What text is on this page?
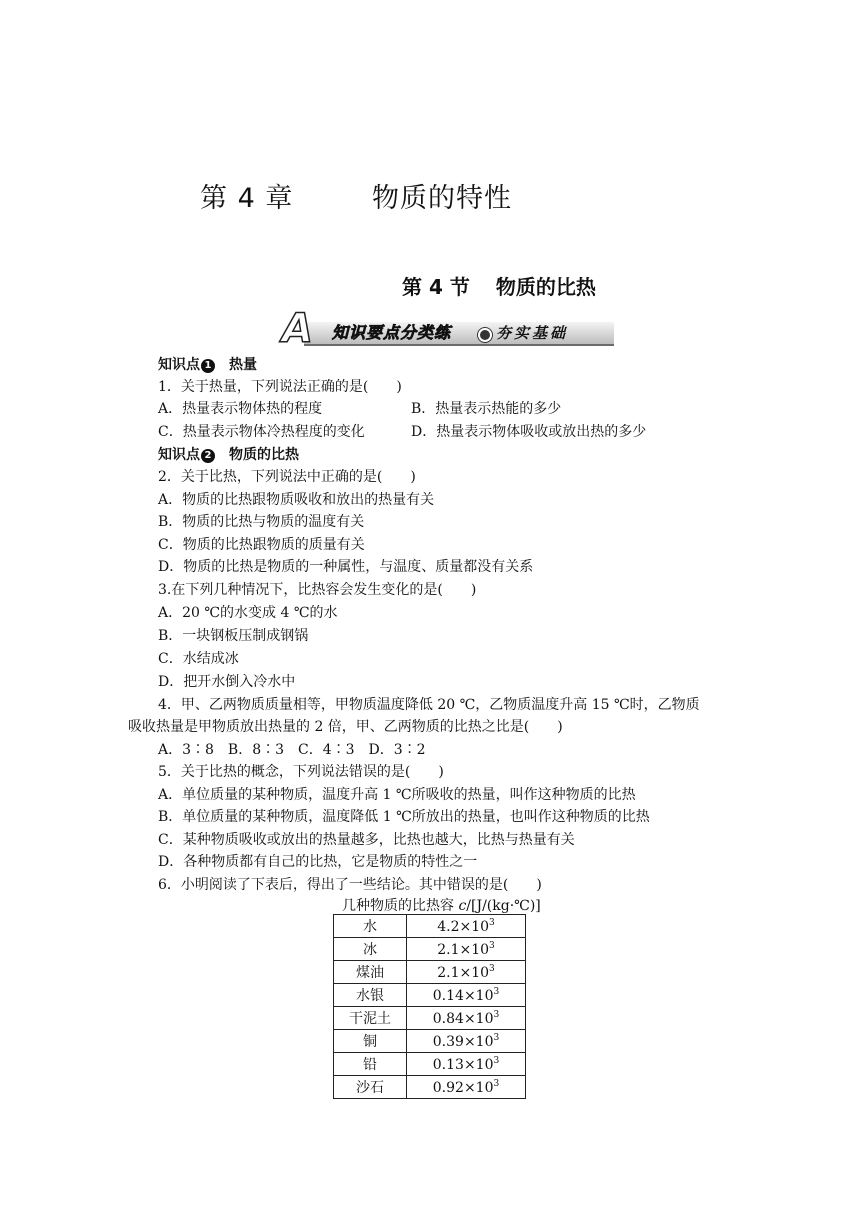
第 4 章	物质的特性
第 4 节 物质的比热
A 知识要点分类练	夯实基础
知识点 1 热量
1．关于热量，下列说法正确的是(　　)
A．热量表示物体热的程度	B．热量表示热能的多少
C．热量表示物体冷热程度的变化	D．热量表示物体吸收或放出热的多少
知识点 2 物质的比热
2．关于比热，下列说法中正确的是(　　)
A．物质的比热跟物质吸收和放出的热量有关
B．物质的比热与物质的温度有关
C．物质的比热跟物质的质量有关
D．物质的比热是物质的一种属性，与温度、质量都没有关系
3.在下列几种情况下，比热容会发生变化的是(　　)
A．20 ℃的水变成 4 ℃的水
B．一块钢板压制成钢锅
C．水结成冰
D．把开水倒入冷水中
4．甲、乙两物质质量相等，甲物质温度降低 20 ℃，乙物质温度升高 15 ℃时，乙物质
吸收热量是甲物质放出热量的 2 倍，甲、乙两物质的比热之比是(　　)
A．3∶8　B．8∶3　C．4∶3　D．3∶2
5．关于比热的概念，下列说法错误的是(　　)
A．单位质量的某种物质，温度升高 1 ℃所吸收的热量，叫作这种物质的比热
B．单位质量的某种物质，温度降低 1 ℃所放出的热量，也叫作这种物质的比热
C．某种物质吸收或放出的热量越多，比热也越大，比热与热量有关
D．各种物质都有自己的比热，它是物质的特性之一
6．小明阅读了下表后，得出了一些结论。其中错误的是(　　)
几种物质的比热容 c/[J/(kg·℃)]
水	$4.2\times 10^3$
冰	$2.1\times 10^3$
煤油	$2.1\times 10^3$
水银	$0.14\times 10^3$
干泥土	$0.84\times 10^3$
铜	$0.39\times 10^3$
铅	$0.13\times 10^3$
沙石	$0.92\times 10^3$
